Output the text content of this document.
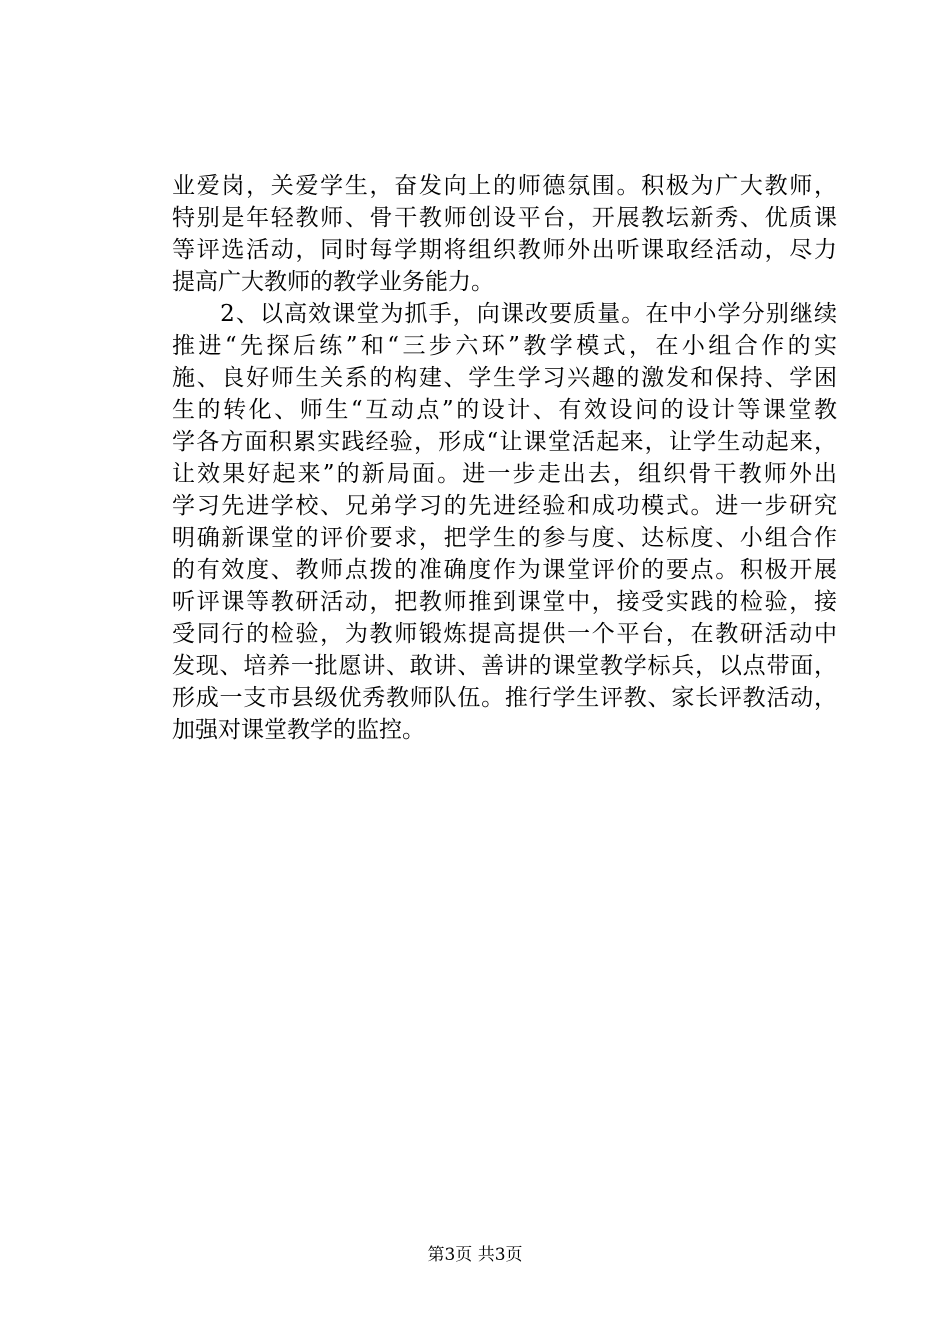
业爱岗，关爱学生，奋发向上的师德氛围。积极为广大教师，
特别是年轻教师、骨干教师创设平台，开展教坛新秀、优质课
等评选活动，同时每学期将组织教师外出听课取经活动，尽力
提高广大教师的教学业务能力。
　　2、以高效课堂为抓手，向课改要质量。在中小学分别继续
推进“先探后练”和“三步六环”教学模式，在小组合作的实
施、良好师生关系的构建、学生学习兴趣的激发和保持、学困
生的转化、师生“互动点”的设计、有效设问的设计等课堂教
学各方面积累实践经验，形成“让课堂活起来，让学生动起来，
让效果好起来”的新局面。进一步走出去，组织骨干教师外出
学习先进学校、兄弟学习的先进经验和成功模式。进一步研究
明确新课堂的评价要求，把学生的参与度、达标度、小组合作
的有效度、教师点拨的准确度作为课堂评价的要点。积极开展
听评课等教研活动，把教师推到课堂中，接受实践的检验，接
受同行的检验，为教师锻炼提高提供一个平台，在教研活动中
发现、培养一批愿讲、敢讲、善讲的课堂教学标兵，以点带面，
形成一支市县级优秀教师队伍。推行学生评教、家长评教活动，
加强对课堂教学的监控。
第3页 共3页
